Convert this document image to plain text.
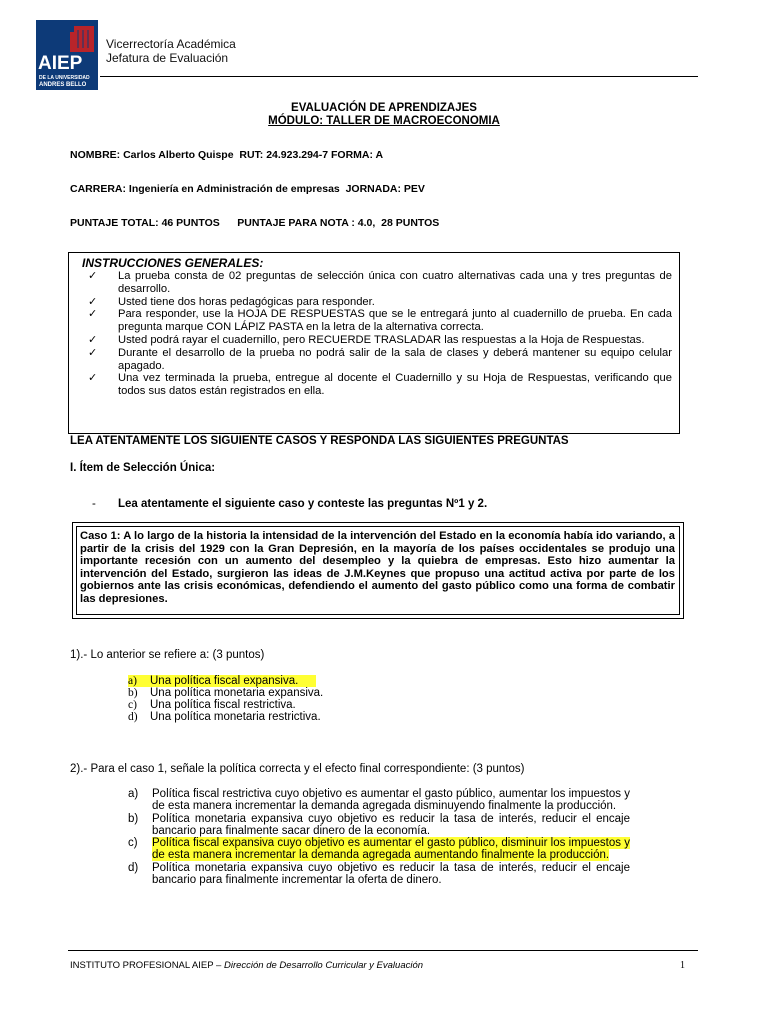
AIEP
DE LA UNIVERSIDAD
ANDRES BELLO
Vicerrectoría Académica
Jefatura de Evaluación
EVALUACIÓN DE APRENDIZAJES
MÓDULO: TALLER DE MACROECONOMIA
NOMBRE: Carlos Alberto Quispe  RUT: 24.923.294-7 FORMA: A
CARRERA: Ingeniería en Administración de empresas  JORNADA: PEV
PUNTAJE TOTAL: 46 PUNTOS      PUNTAJE PARA NOTA : 4.0,  28 PUNTOS
INSTRUCCIONES GENERALES:
✓	La prueba consta de 02 preguntas de selección única con cuatro alternativas cada una y tres preguntas de desarrollo.
✓	Usted tiene dos horas pedagógicas para responder.
✓	Para responder, use la HOJA DE RESPUESTAS que se le entregará junto al cuadernillo de prueba. En cada pregunta marque CON LÁPIZ PASTA en la letra de la alternativa correcta.
✓	Usted podrá rayar el cuadernillo, pero RECUERDE TRASLADAR las respuestas a la Hoja de Respuestas.
✓	Durante el desarrollo de la prueba no podrá salir de la sala de clases y deberá mantener su equipo celular apagado.
✓	Una vez terminada la prueba, entregue al docente el Cuadernillo y su Hoja de Respuestas, verificando que todos sus datos están registrados en ella.
LEA ATENTAMENTE LOS SIGUIENTE CASOS Y RESPONDA LAS SIGUIENTES PREGUNTAS
I. Ítem de Selección Única:
- Lea atentamente el siguiente caso y conteste las preguntas Nº1 y 2.
Caso 1: A lo largo de la historia la intensidad de la intervención del Estado en la economía había ido variando, a partir de la crisis del 1929 con la Gran Depresión, en la mayoría de los países occidentales se produjo una importante recesión con un aumento del desempleo y la quiebra de empresas. Esto hizo aumentar la intervención del Estado, surgieron las ideas de J.M.Keynes que propuso una actitud activa por parte de los gobiernos ante las crisis económicas, defendiendo el aumento del gasto público como una forma de combatir las depresiones.
1).- Lo anterior se refiere a: (3 puntos)
a)	Una política fiscal expansiva.
b)	Una política monetaria expansiva.
c)	Una política fiscal restrictiva.
d)	Una política monetaria restrictiva.
2).- Para el caso 1, señale la política correcta y el efecto final correspondiente: (3 puntos)
a)	Política fiscal restrictiva cuyo objetivo es aumentar el gasto público, aumentar los impuestos y de esta manera incrementar la demanda agregada disminuyendo finalmente la producción.
b)	Política monetaria expansiva cuyo objetivo es reducir la tasa de interés, reducir el encaje bancario para finalmente sacar dinero de la economía.
c)	Política fiscal expansiva cuyo objetivo es aumentar el gasto público, disminuir los impuestos y de esta manera incrementar la demanda agregada aumentando finalmente la producción.
d)	Política monetaria expansiva cuyo objetivo es reducir la tasa de interés, reducir el encaje bancario para finalmente incrementar la oferta de dinero.
INSTITUTO PROFESIONAL AIEP – Dirección de Desarrollo Curricular y Evaluación	1
